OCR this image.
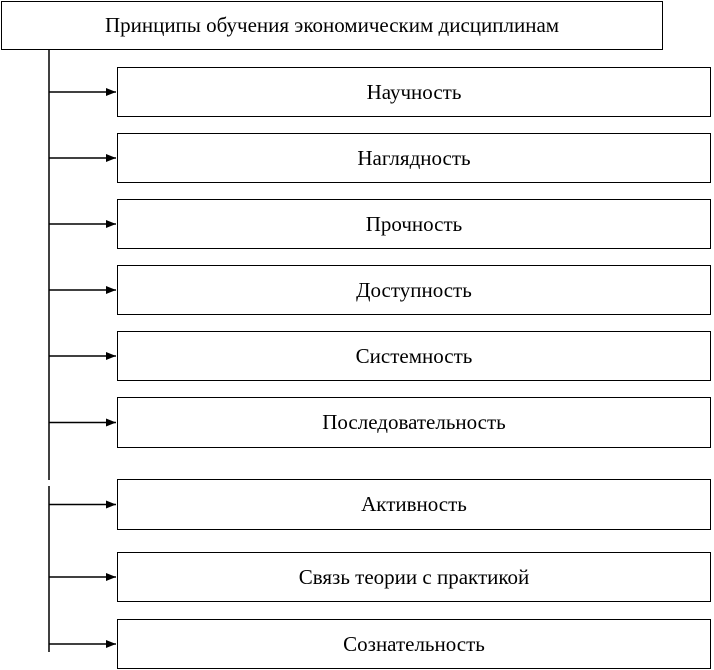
Принципы обучения экономическим дисциплинам
Научность
Наглядность
Прочность
Доступность
Системность
Последовательность
Активность
Связь теории с практикой
Сознательность
